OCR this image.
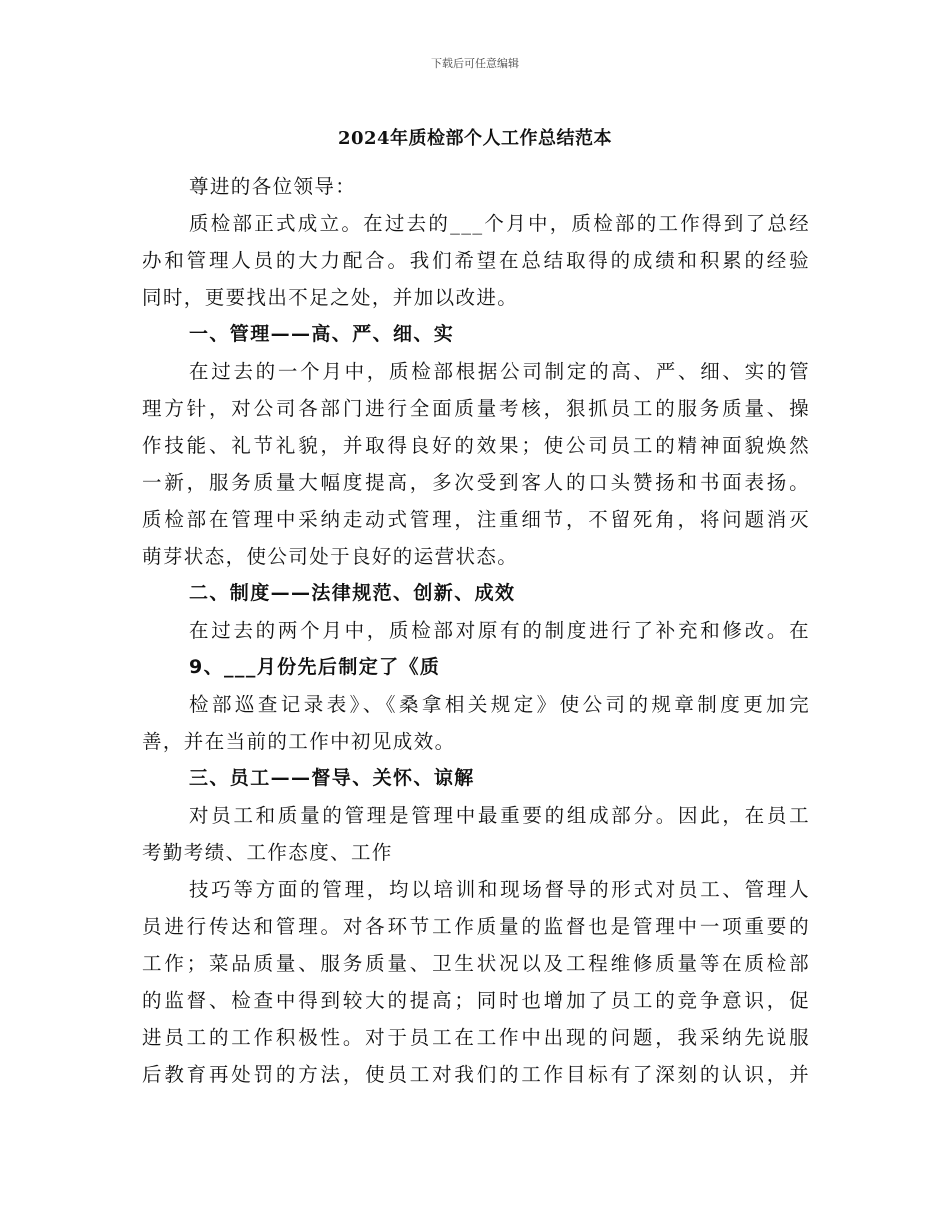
下载后可任意编辑
2024年质检部个人工作总结范本
尊进的各位领导：
质检部正式成立。在过去的___个月中，质检部的工作得到了总经
办和管理人员的大力配合。我们希望在总结取得的成绩和积累的经验
同时，更要找出不足之处，并加以改进。
一、管理——高、严、细、实
在过去的一个月中，质检部根据公司制定的高、严、细、实的管
理方针，对公司各部门进行全面质量考核，狠抓员工的服务质量、操
作技能、礼节礼貌，并取得良好的效果；使公司员工的精神面貌焕然
一新，服务质量大幅度提高，多次受到客人的口头赞扬和书面表扬。
质检部在管理中采纳走动式管理，注重细节，不留死角，将问题消灭
萌芽状态，使公司处于良好的运营状态。
二、制度——法律规范、创新、成效
在过去的两个月中，质检部对原有的制度进行了补充和修改。在
9、___月份先后制定了《质
检部巡查记录表》、《桑拿相关规定》使公司的规章制度更加完
善，并在当前的工作中初见成效。
三、员工——督导、关怀、谅解
对员工和质量的管理是管理中最重要的组成部分。因此，在员工
考勤考绩、工作态度、工作
技巧等方面的管理，均以培训和现场督导的形式对员工、管理人
员进行传达和管理。对各环节工作质量的监督也是管理中一项重要的
工作；菜品质量、服务质量、卫生状况以及工程维修质量等在质检部
的监督、检查中得到较大的提高；同时也增加了员工的竞争意识，促
进员工的工作积极性。对于员工在工作中出现的问题，我采纳先说服
后教育再处罚的方法，使员工对我们的工作目标有了深刻的认识，并
